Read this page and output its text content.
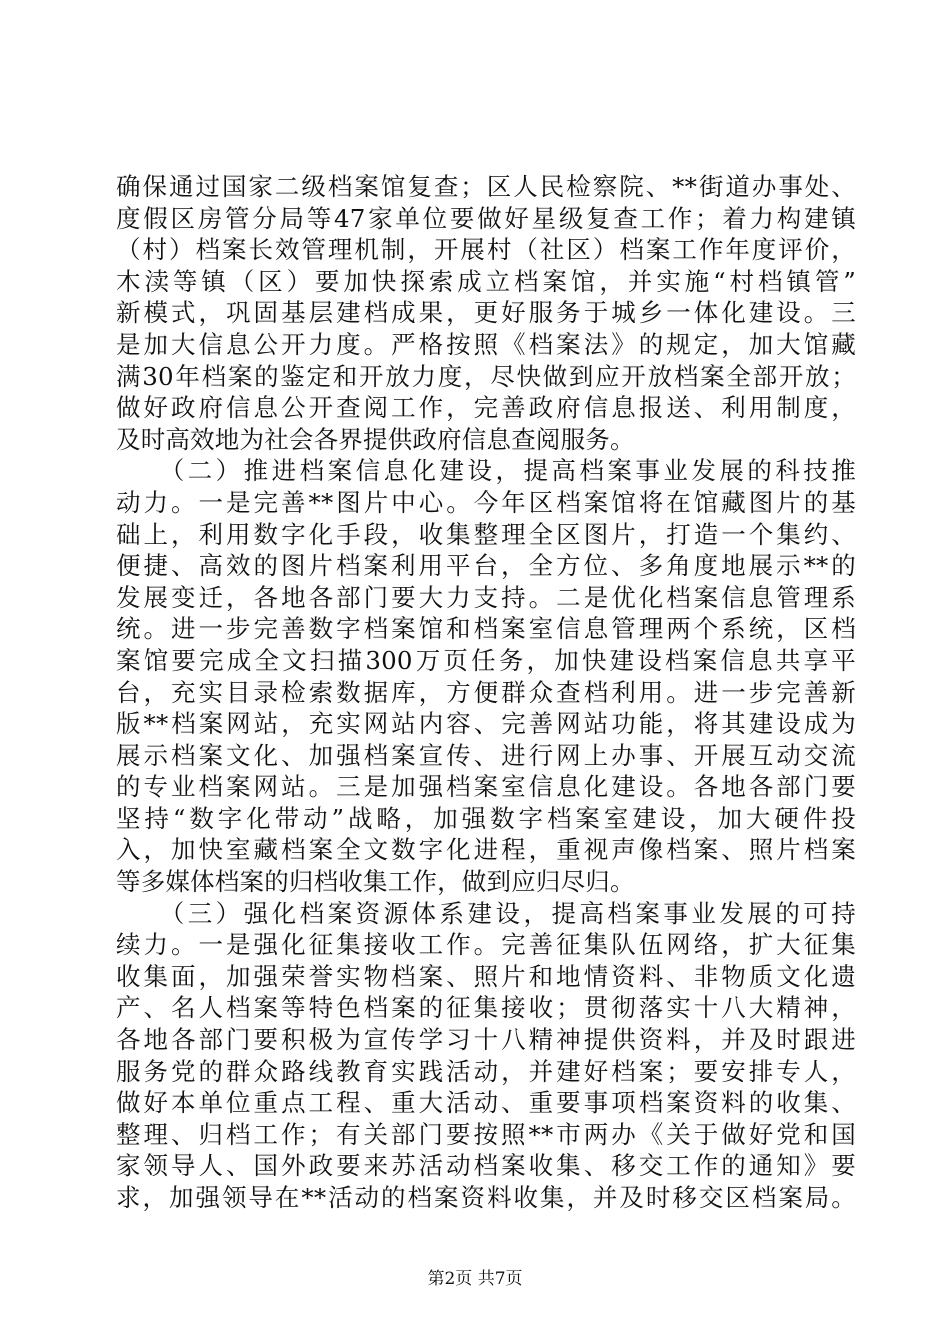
确保通过国家二级档案馆复查；区人民检察院、**街道办事处、
度假区房管分局等47家单位要做好星级复查工作；着力构建镇
（村）档案长效管理机制，开展村（社区）档案工作年度评价，
木渎等镇（区）要加快探索成立档案馆，并实施“村档镇管”
新模式，巩固基层建档成果，更好服务于城乡一体化建设。三
是加大信息公开力度。严格按照《档案法》的规定，加大馆藏
满30年档案的鉴定和开放力度，尽快做到应开放档案全部开放；
做好政府信息公开查阅工作，完善政府信息报送、利用制度，
及时高效地为社会各界提供政府信息查阅服务。
　　（二）推进档案信息化建设，提高档案事业发展的科技推
动力。一是完善**图片中心。今年区档案馆将在馆藏图片的基
础上，利用数字化手段，收集整理全区图片，打造一个集约、
便捷、高效的图片档案利用平台，全方位、多角度地展示**的
发展变迁，各地各部门要大力支持。二是优化档案信息管理系
统。进一步完善数字档案馆和档案室信息管理两个系统，区档
案馆要完成全文扫描300万页任务，加快建设档案信息共享平
台，充实目录检索数据库，方便群众查档利用。进一步完善新
版**档案网站，充实网站内容、完善网站功能，将其建设成为
展示档案文化、加强档案宣传、进行网上办事、开展互动交流
的专业档案网站。三是加强档案室信息化建设。各地各部门要
坚持“数字化带动”战略，加强数字档案室建设，加大硬件投
入，加快室藏档案全文数字化进程，重视声像档案、照片档案
等多媒体档案的归档收集工作，做到应归尽归。
　　（三）强化档案资源体系建设，提高档案事业发展的可持
续力。一是强化征集接收工作。完善征集队伍网络，扩大征集
收集面，加强荣誉实物档案、照片和地情资料、非物质文化遗
产、名人档案等特色档案的征集接收；贯彻落实十八大精神，
各地各部门要积极为宣传学习十八精神提供资料，并及时跟进
服务党的群众路线教育实践活动，并建好档案；要安排专人，
做好本单位重点工程、重大活动、重要事项档案资料的收集、
整理、归档工作；有关部门要按照**市两办《关于做好党和国
家领导人、国外政要来苏活动档案收集、移交工作的通知》要
求，加强领导在**活动的档案资料收集，并及时移交区档案局。
第2页 共7页
